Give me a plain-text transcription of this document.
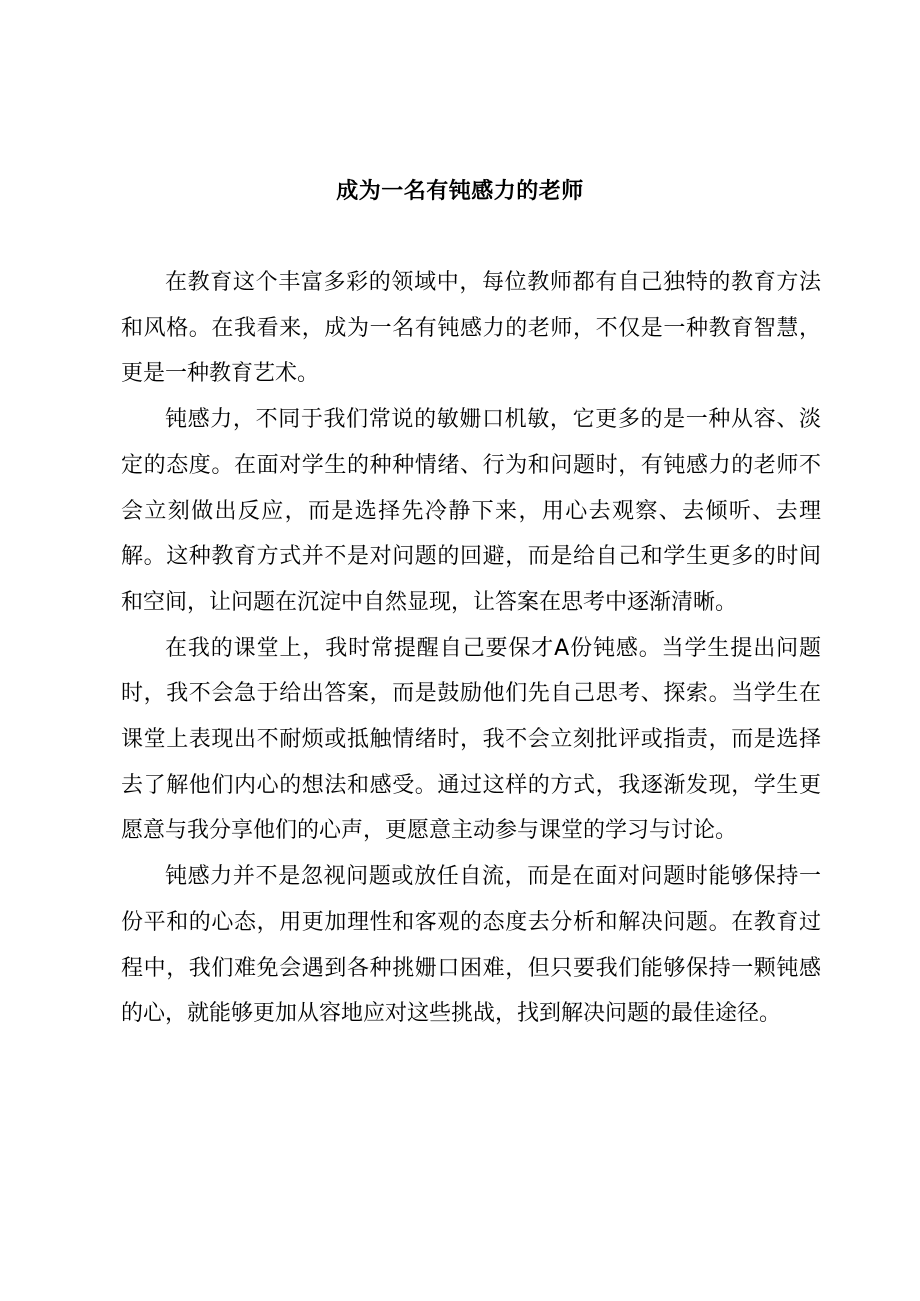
成为一名有钝感力的老师

在教育这个丰富多彩的领域中，每位教师都有自己独特的教育方法和风格。在我看来，成为一名有钝感力的老师，不仅是一种教育智慧，更是一种教育艺术。

钝感力，不同于我们常说的敏姗口机敏，它更多的是一种从容、淡定的态度。在面对学生的种种情绪、行为和问题时，有钝感力的老师不会立刻做出反应，而是选择先冷静下来，用心去观察、去倾听、去理解。这种教育方式并不是对问题的回避，而是给自己和学生更多的时间和空间，让问题在沉淀中自然显现，让答案在思考中逐渐清晰。

在我的课堂上，我时常提醒自己要保才A份钝感。当学生提出问题时，我不会急于给出答案，而是鼓励他们先自己思考、探索。当学生在课堂上表现出不耐烦或抵触情绪时，我不会立刻批评或指责，而是选择去了解他们内心的想法和感受。通过这样的方式，我逐渐发现，学生更愿意与我分享他们的心声，更愿意主动参与课堂的学习与讨论。

钝感力并不是忽视问题或放任自流，而是在面对问题时能够保持一份平和的心态，用更加理性和客观的态度去分析和解决问题。在教育过程中，我们难免会遇到各种挑姗口困难，但只要我们能够保持一颗钝感的心，就能够更加从容地应对这些挑战，找到解决问题的最佳途径。
